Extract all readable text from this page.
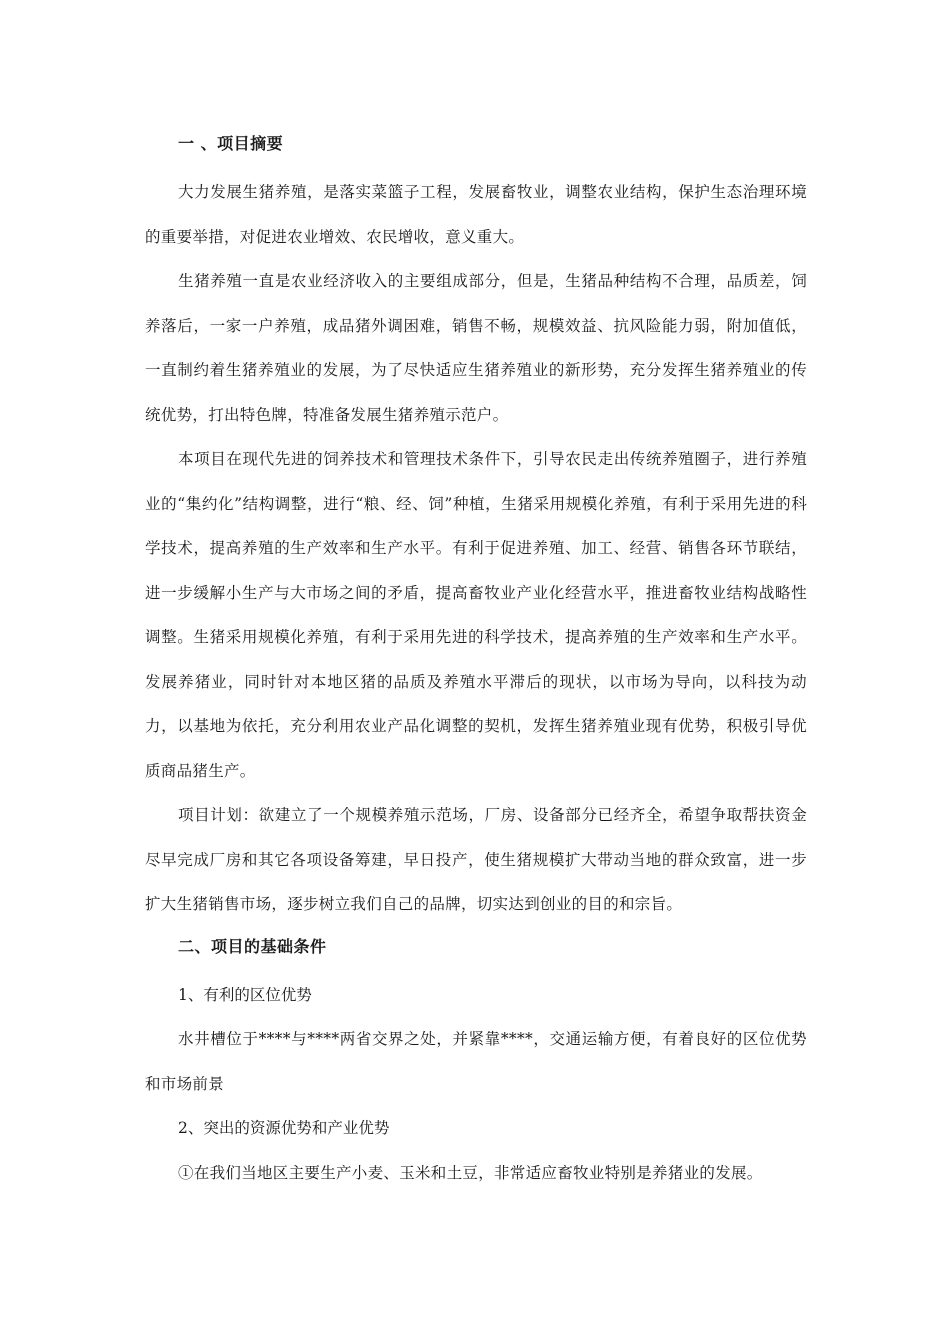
一 、项目摘要

大力发展生猪养殖，是落实菜篮子工程，发展畜牧业，调整农业结构，保护生态治理环境的重要举措，对促进农业增效、农民增收，意义重大。

生猪养殖一直是农业经济收入的主要组成部分，但是，生猪品种结构不合理，品质差，饲养落后，一家一户养殖，成品猪外调困难，销售不畅，规模效益、抗风险能力弱，附加值低，一直制约着生猪养殖业的发展，为了尽快适应生猪养殖业的新形势，充分发挥生猪养殖业的传统优势，打出特色牌，特准备发展生猪养殖示范户。

本项目在现代先进的饲养技术和管理技术条件下，引导农民走出传统养殖圈子，进行养殖业的“集约化”结构调整，进行“粮、经、饲”种植，生猪采用规模化养殖，有利于采用先进的科学技术，提高养殖的生产效率和生产水平。有利于促进养殖、加工、经营、销售各环节联结，进一步缓解小生产与大市场之间的矛盾，提高畜牧业产业化经营水平，推进畜牧业结构战略性调整。生猪采用规模化养殖，有利于采用先进的科学技术，提高养殖的生产效率和生产水平。发展养猪业，同时针对本地区猪的品质及养殖水平滞后的现状，以市场为导向，以科技为动力，以基地为依托，充分利用农业产品化调整的契机，发挥生猪养殖业现有优势，积极引导优质商品猪生产。

项目计划：欲建立了一个规模养殖示范场，厂房、设备部分已经齐全，希望争取帮扶资金尽早完成厂房和其它各项设备筹建，早日投产，使生猪规模扩大带动当地的群众致富，进一步扩大生猪销售市场，逐步树立我们自己的品牌，切实达到创业的目的和宗旨。

二、项目的基础条件
1、有利的区位优势

水井槽位于****与****两省交界之处，并紧靠****，交通运输方便，有着良好的区位优势和市场前景

2、突出的资源优势和产业优势

①在我们当地区主要生产小麦、玉米和土豆，非常适应畜牧业特别是养猪业的发展。
